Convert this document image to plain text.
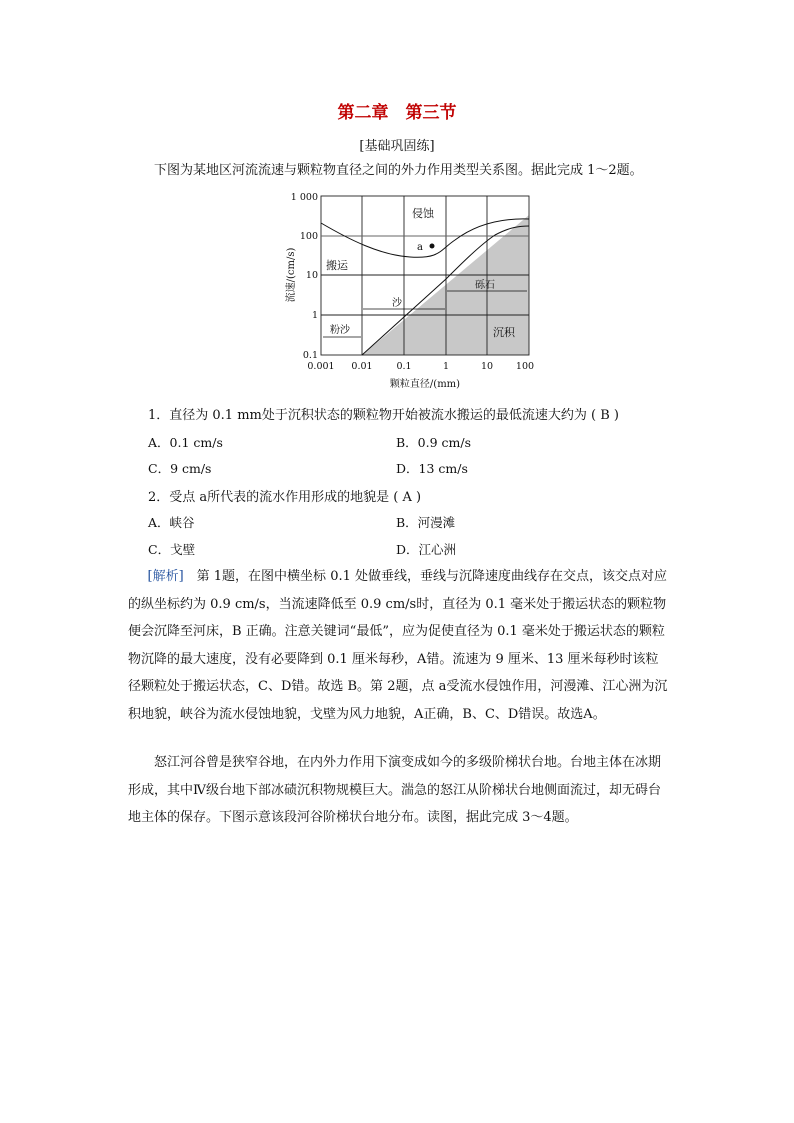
第二章　第三节
[基础巩固练]
下图为某地区河流流速与颗粒物直径之间的外力作用类型关系图。据此完成 1～2题。
a
侵蚀
搬运
沉积
粉沙
沙
砾石
1 000
100
10
1
0.1
0.001 0.01	0.1	1	10 100
颗粒直径/(mm)
流速/(cm/s)
1．直径为 0.1 mm处于沉积状态的颗粒物开始被流水搬运的最低流速大约为 ( B )
A．0.1 cm/s	B．0.9 cm/s
C．9 cm/s	D．13 cm/s
2．受点 a所代表的流水作用形成的地貌是 ( A )
A．峡谷	B．河漫滩
C．戈壁	D．江心洲
[解析]　第 1题，在图中横坐标 0.1 处做垂线，垂线与沉降速度曲线存在交点，该交点对应的纵坐标约为 0.9 cm/s，当流速降低至 0.9 cm/s时，直径为 0.1 毫米处于搬运状态的颗粒物便会沉降至河床，B 正确。注意关键词“最低”，应为促使直径为 0.1 毫米处于搬运状态的颗粒物沉降的最大速度，没有必要降到 0.1 厘米每秒，A错。流速为 9 厘米、13 厘米每秒时该粒径颗粒处于搬运状态，C、D错。故选 B。第 2题，点 a受流水侵蚀作用，河漫滩、江心洲为沉积地貌，峡谷为流水侵蚀地貌，戈壁为风力地貌，A正确，B、C、D错误。故选A。
怒江河谷曾是狭窄谷地，在内外力作用下演变成如今的多级阶梯状台地。台地主体在冰期形成，其中Ⅳ级台地下部冰碛沉积物规模巨大。湍急的怒江从阶梯状台地侧面流过，却无碍台地主体的保存。下图示意该段河谷阶梯状台地分布。读图，据此完成 3～4题。
